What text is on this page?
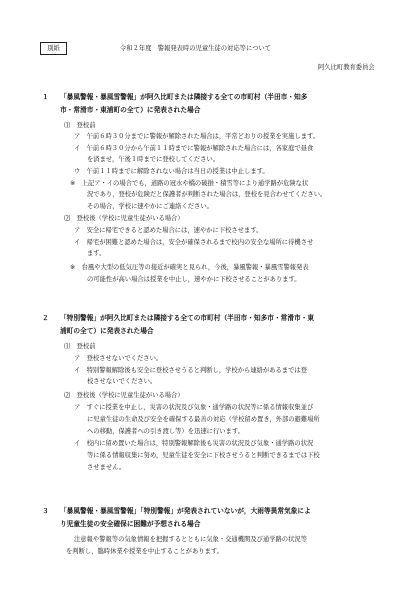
別紙	令和２年度　警報発表時の児童生徒の対応等について
阿久比町教育委員会
１ 「暴風警報・暴風雪警報」が阿久比町または隣接する全ての市町村（半田市・知多
市・常滑市・東浦町の全て）に発表された場合
⑴　登校前
ア　午前６時３０分までに警報が解除された場合は，平常どおりの授業を実施します。
イ　午前６時３０分から午前１１時までに警報が解除された場合には，各家庭で昼食
を済ませ，午後１時までに登校してください。
ウ　午前１１時までに解除されない場合は当日の授業は中止します。
※　上記ア・イの場合でも，道路の冠水や橋の破損・積雪等により通学路が危険な状
況であり，登校が危険だと保護者が判断された場合は，登校を見合わせてください。
その場合，学校に速やかにご連絡ください。
⑵　登校後（学校に児童生徒がいる場合）
ア　安全に帰宅できると認めた場合には，速やかに下校させます。
イ　帰宅が困難と認めた場合は，安全が確保されるまで校内の安全な場所に待機させ
ます。
※　台風や大型の低気圧等の接近が確実と見られ，今後，暴風警報・暴風雪警報発表
の可能性が高い場合は授業を中止し，速やかに下校させることがあります。
２ 「特別警報」が阿久比町または隣接する全ての市町村（半田市・知多市・常滑市・東
浦町の全て）に発表された場合
⑴　登校前
ア　登校させないでください。
イ　特別警報解除後も安全に登校させうると判断し，学校から連絡があるまでは登
校させないでください。
⑵　登校後（学校に児童生徒がいる場合）
ア　すぐに授業を中止し，災害の状況及び気象・通学路の状況等に係る情報収集並び
に児童生徒の生命及び安全を確保する最善の対応（学校留め置き，外部の避難場所
への移動，保護者への引き渡し等）を迅速に行います。
イ　校内に留め置いた場合は，特別警報解除後も災害の状況及び気象・通学路の状況
等に係る情報収集に努め，児童生徒を安全に下校させうると判断できるまでは下校
させません。
３ 「暴風警報・暴風雪警報」「特別警報」が発表されていないが，大雨等異常気象によ
り児童生徒の安全確保に困難が予想される場合
注意報や警報等の気象情報を把握するとともに気象・交通機関及び通学路の状況等
を判断し，臨時休業や授業を中止することがあります。
